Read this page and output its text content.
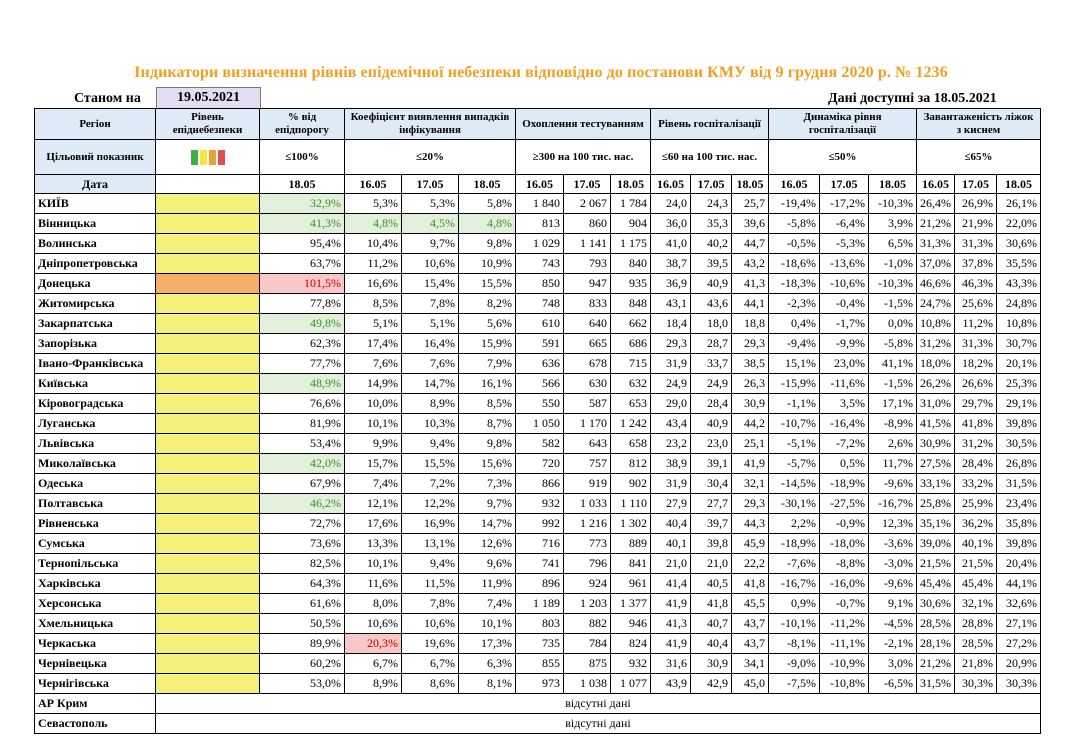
Індикатори визначення рівнів епідемічної небезпеки відповідно до постанови КМУ від 9 грудня 2020 р. № 1236
Станом на	19.05.2021	Дані доступні за 18.05.2021
Регіон	Рівень епіднебезпеки	% від епідпорогу	Коефіцієнт виявлення випадків інфікування			Охоплення тестуванням			Рівень госпіталізації			Динаміка рівня госпіталізації			Завантаженість ліжок з киснем		
Цільовий показник		≤100%	≤20%			≥300 на 100 тис. нас.			≤60 на 100 тис. нас.			≤50%			≤65%		
Дата		18.05	16.05	17.05	18.05	16.05	17.05	18.05	16.05	17.05	18.05	16.05	17.05	18.05	16.05	17.05	18.05
КИЇВ		32,9%	5,3%	5,3%	5,8%	1 840	2 067	1 784	24,0	24,3	25,7	-19,4%	-17,2%	-10,3%	26,4%	26,9%	26,1%
Вінницька		41,3%	4,8%	4,5%	4,8%	813	860	904	36,0	35,3	39,6	-5,8%	-6,4%	3,9%	21,2%	21,9%	22,0%
Волинська		95,4%	10,4%	9,7%	9,8%	1 029	1 141	1 175	41,0	40,2	44,7	-0,5%	-5,3%	6,5%	31,3%	31,3%	30,6%
Дніпропетровська		63,7%	11,2%	10,6%	10,9%	743	793	840	38,7	39,5	43,2	-18,6%	-13,6%	-1,0%	37,0%	37,8%	35,5%
Донецька		101,5%	16,6%	15,4%	15,5%	850	947	935	36,9	40,9	41,3	-18,3%	-10,6%	-10,3%	46,6%	46,3%	43,3%
Житомирська		77,8%	8,5%	7,8%	8,2%	748	833	848	43,1	43,6	44,1	-2,3%	-0,4%	-1,5%	24,7%	25,6%	24,8%
Закарпатська		49,8%	5,1%	5,1%	5,6%	610	640	662	18,4	18,0	18,8	0,4%	-1,7%	0,0%	10,8%	11,2%	10,8%
Запорізька		62,3%	17,4%	16,4%	15,9%	591	665	686	29,3	28,7	29,3	-9,4%	-9,9%	-5,8%	31,2%	31,3%	30,7%
Івано-Франківська		77,7%	7,6%	7,6%	7,9%	636	678	715	31,9	33,7	38,5	15,1%	23,0%	41,1%	18,0%	18,2%	20,1%
Київська		48,9%	14,9%	14,7%	16,1%	566	630	632	24,9	24,9	26,3	-15,9%	-11,6%	-1,5%	26,2%	26,6%	25,3%
Кіровоградська		76,6%	10,0%	8,9%	8,5%	550	587	653	29,0	28,4	30,9	-1,1%	3,5%	17,1%	31,0%	29,7%	29,1%
Луганська		81,9%	10,1%	10,3%	8,7%	1 050	1 170	1 242	43,4	40,9	44,2	-10,7%	-16,4%	-8,9%	41,5%	41,8%	39,8%
Львівська		53,4%	9,9%	9,4%	9,8%	582	643	658	23,2	23,0	25,1	-5,1%	-7,2%	2,6%	30,9%	31,2%	30,5%
Миколаївська		42,0%	15,7%	15,5%	15,6%	720	757	812	38,9	39,1	41,9	-5,7%	0,5%	11,7%	27,5%	28,4%	26,8%
Одеська		67,9%	7,4%	7,2%	7,3%	866	919	902	31,9	30,4	32,1	-14,5%	-18,9%	-9,6%	33,1%	33,2%	31,5%
Полтавська		46,2%	12,1%	12,2%	9,7%	932	1 033	1 110	27,9	27,7	29,3	-30,1%	-27,5%	-16,7%	25,8%	25,9%	23,4%
Рівненська		72,7%	17,6%	16,9%	14,7%	992	1 216	1 302	40,4	39,7	44,3	2,2%	-0,9%	12,3%	35,1%	36,2%	35,8%
Сумська		73,6%	13,3%	13,1%	12,6%	716	773	889	40,1	39,8	45,9	-18,9%	-18,0%	-3,6%	39,0%	40,1%	39,8%
Тернопільська		82,5%	10,1%	9,4%	9,6%	741	796	841	21,0	21,0	22,2	-7,6%	-8,8%	-3,0%	21,5%	21,5%	20,4%
Харківська		64,3%	11,6%	11,5%	11,9%	896	924	961	41,4	40,5	41,8	-16,7%	-16,0%	-9,6%	45,4%	45,4%	44,1%
Херсонська		61,6%	8,0%	7,8%	7,4%	1 189	1 203	1 377	41,9	41,8	45,5	0,9%	-0,7%	9,1%	30,6%	32,1%	32,6%
Хмельницька		50,5%	10,6%	10,6%	10,1%	803	882	946	41,3	40,7	43,7	-10,1%	-11,2%	-4,5%	28,5%	28,8%	27,1%
Черкаська		89,9%	20,3%	19,6%	17,3%	735	784	824	41,9	40,4	43,7	-8,1%	-11,1%	-2,1%	28,1%	28,5%	27,2%
Чернівецька		60,2%	6,7%	6,7%	6,3%	855	875	932	31,6	30,9	34,1	-9,0%	-10,9%	3,0%	21,2%	21,8%	20,9%
Чернігівська		53,0%	8,9%	8,6%	8,1%	973	1 038	1 077	43,9	42,9	45,0	-7,5%	-10,8%	-6,5%	31,5%	30,3%	30,3%
АР Крим	відсутні дані																
Севастополь	відсутні дані																
